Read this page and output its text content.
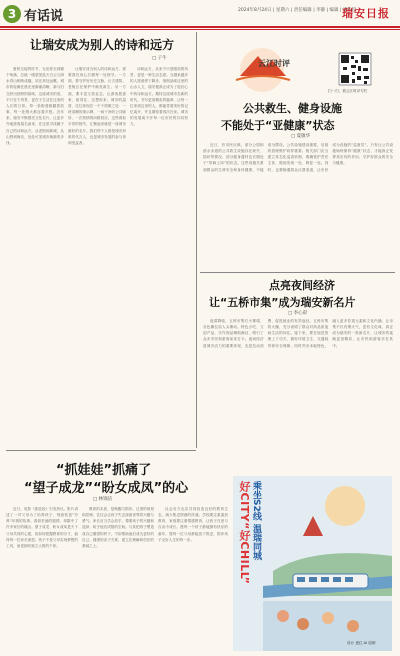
3 有话说	2024年8月24日 | 星期六 | 责任编辑 | 李静 | 编辑 | 潘钦钦
瑞安日报
让瑞安成为别人的诗和远方
□ 子牛

夏秋交接的时节，无论你走到哪个角落，总能一眼望见蓝天白云与绿水青山相映成趣。站在高处远眺，城市的轮廓在晨光里渐渐清晰，新与旧交织出独特的韵味。这座城市的美，不只在于风景，更在于生活在这里的人们的日常。每一条街巷都藏着故事，每一处烟火都连着乡愁。近年来，瑞安不断擦亮文化名片，让更多外地游客慕名而来，在这里寻找属于自己的诗和远方。从老街到新城，从山野到海岛，处处可见城市焕新的步伐。

让瑞安成为别人的诗和远方，需要我们用心打磨每一处细节。一方面，要守护好历史文脉，让古建筑、老街区在保护中焕发新生；另一方面，要丰富文旅业态，让游客愿意来、留得住、还想再来。城市的温度，往往体现在一个个细微之处：一块清晰的指示牌，一间干净的公共厕所，一次热情的问路回应。这些看似平常的细节，汇聚起来就是一座城市最好的名片。我们每个人都是城市形象的代言人，也是城市发展的参与者和受益者。

诗和远方，从来不只是眼前的风景，更是一种生活态度。当越来越多的人愿意停下脚步，细细品味这里的山水人文，瑞安便真正成为了他们心中的诗和远方。期待这座城市在新的时代，书写更加精彩的篇章，让每一位来到这里的人，都能带着美好的记忆离开，并且期待着再次归来。城市的发展离不开每一位市民的共同努力。

云江时评
扫一扫，看云江时评专栏
公共救生、健身设施
不能处于“亚健康”状态
□ 夏敏华

近日，有市民反映，部分公园和滨水步道的公共救生设施存在缺失、损坏等情况，部分健身器材也长期处于“带病上岗”的状态。这些设施关系到群众的生命安全和身体健康，不能成为摆设。公共设施建设重要，后续的管理维护同样重要。相关部门应当建立常态化巡查机制，明确管护责任主体，做到发现一处、修复一处。同时，也要畅通群众反馈渠道，让市民成为设施的“监督员”。只有让公共设施始终保持“健康”状态，才能真正发挥其应有的作用，守护好群众的安全与健康。

点亮夜间经济
让“五桥市集”成为瑞安新名片
□ 李心彩

夜幕降临，五桥市集灯火璀璨，各色摊位前人头攒动。特色小吃、文创产品、手作饰品琳琅满目，吸引了众多市民和游客前来打卡。夜间经济是城市活力的重要体现，也是拉动消费、促进就业的有效途径。五桥市集的火爆，充分说明了群众对高品质夜间生活的向往。接下来，要在规范管理上下功夫，做好环境卫生、交通疏导和安全保障，同时突出本地特色，融入更多非遗元素和文化内涵，让市集不仅有烟火气，更有文化味，真正成为瑞安的一张新名片，让城市的夜晚更加精彩，让市民和游客乐在其中。

“抓娃娃”抓痛了
“望子成龙”“盼女成凤”的心
□ 林锦洁

近日，电影《抓娃娃》引发热议。影片讲述了一对父母为了培养孩子，刻意营造“穷养”环境的故事。看似荒诞的剧情，却戳中了许多家长的痛点。望子成龙、盼女成凤是天下父母共同的心愿，但如何把握教育的分寸，值得每一位家长深思。孩子不是父母实现梦想的工具，而是拥有独立人格的个体。

教育的本质，是唤醒与陪伴。过度的规划和控制，往往会让孩子失去探索世界的兴趣与勇气。家长应当学会放手，尊重孩子的兴趣和选择，给予他们试错的空间。与其把孩子塑造成自己期望的样子，不如帮助他们成为更好的自己。健康的亲子关系，建立在理解和信任的基础之上。

社会各方也应共同营造良好的教育生态，减少焦虑情绪的传递。学校要注重素质教育，家庭要注重情感教育，让孩子在爱与自由中成长。愿每一个孩子都能拥有快乐的童年，愿每一位父母都能放下焦虑，陪伴孩子走好人生的每一步。	好CITY“好CHILL” 乘坐S2线 温瑞同城
设计 惠红 AI 绘制
